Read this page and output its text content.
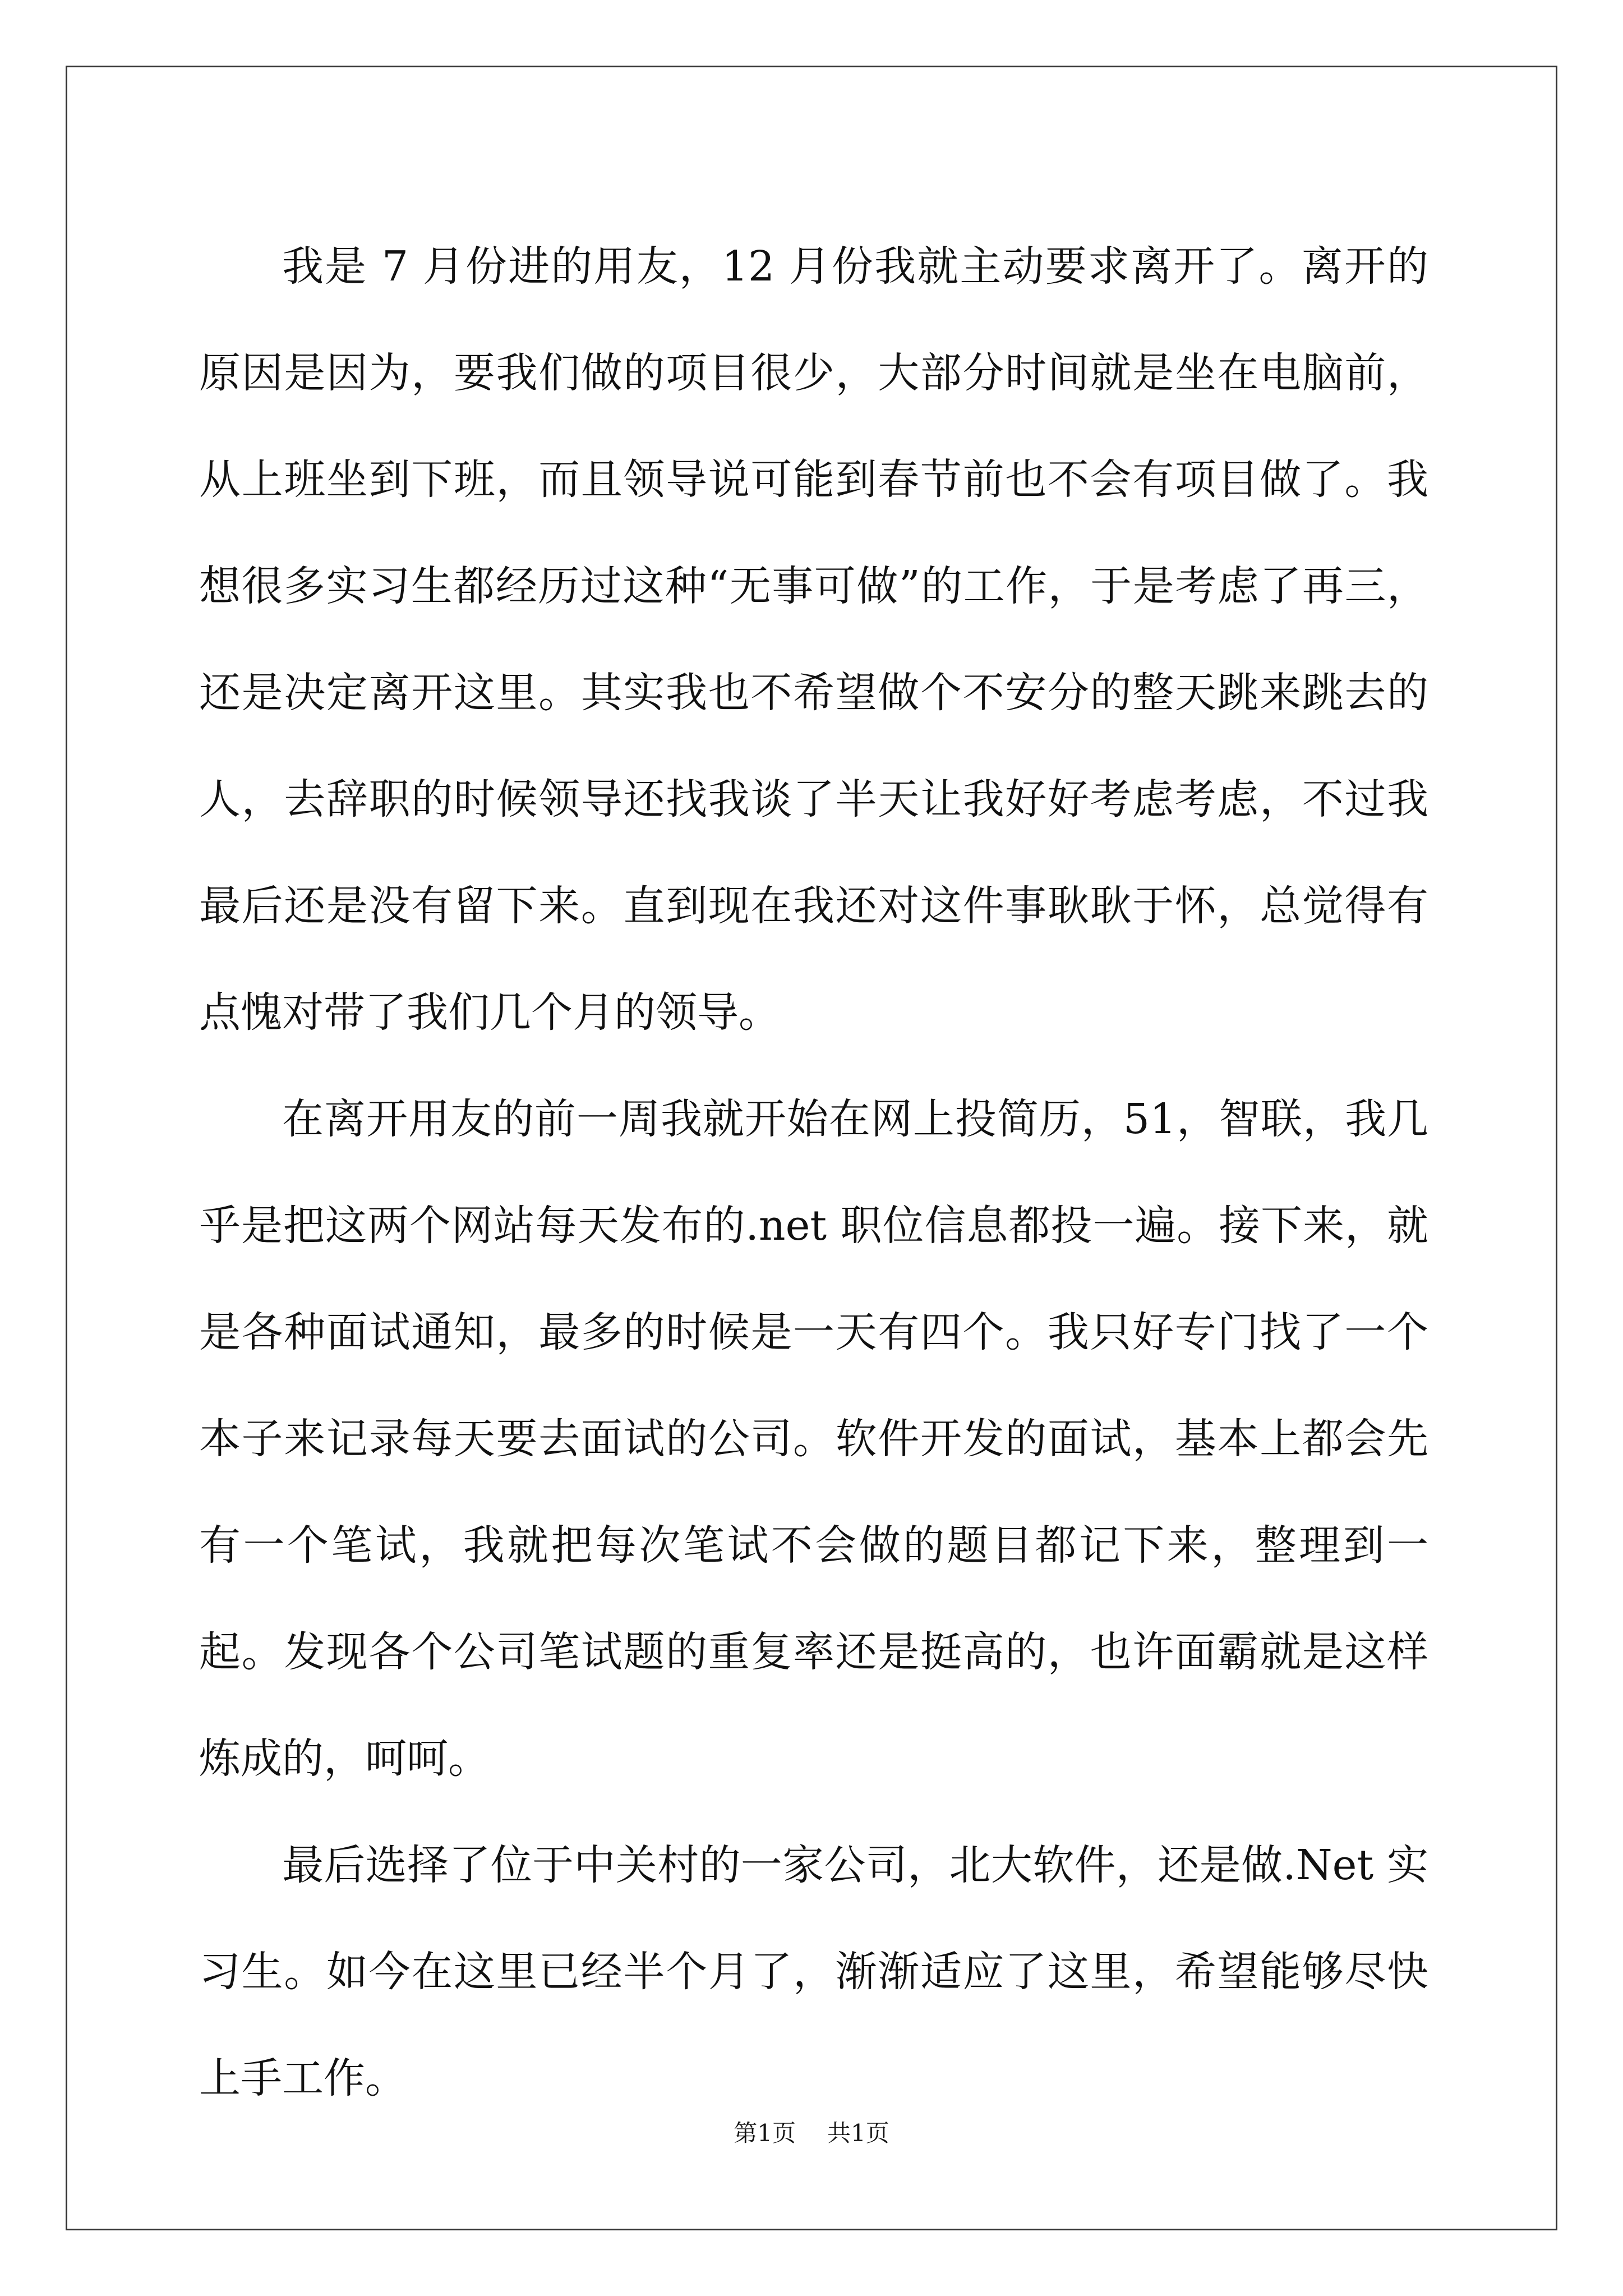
我是 7 月份进的用友，12 月份我就主动要求离开了。离开的原因是因为，要我们做的项目很少，大部分时间就是坐在电脑前，从上班坐到下班，而且领导说可能到春节前也不会有项目做了。我想很多实习生都经历过这种“无事可做”的工作，于是考虑了再三，还是决定离开这里。其实我也不希望做个不安分的整天跳来跳去的人，去辞职的时候领导还找我谈了半天让我好好考虑考虑，不过我最后还是没有留下来。直到现在我还对这件事耿耿于怀，总觉得有点愧对带了我们几个月的领导。

在离开用友的前一周我就开始在网上投简历，51，智联，我几乎是把这两个网站每天发布的.net 职位信息都投一遍。接下来，就是各种面试通知，最多的时候是一天有四个。我只好专门找了一个本子来记录每天要去面试的公司。软件开发的面试，基本上都会先有一个笔试，我就把每次笔试不会做的题目都记下来，整理到一起。发现各个公司笔试题的重复率还是挺高的，也许面霸就是这样炼成的，呵呵。

最后选择了位于中关村的一家公司，北大软件，还是做.Net 实习生。如今在这里已经半个月了，渐渐适应了这里，希望能够尽快上手工作。

第1页 共1页
